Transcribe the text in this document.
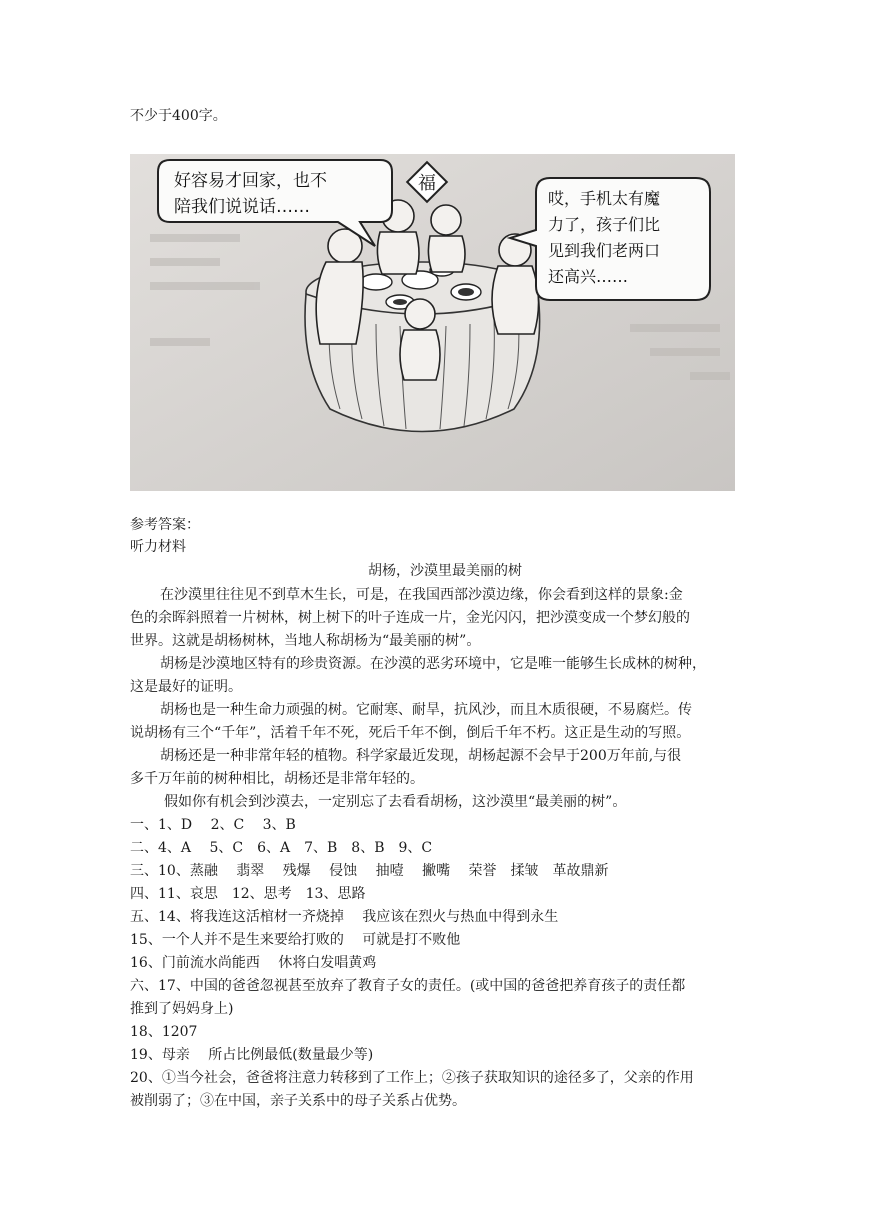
不少于400字。
福
好容易才回家，也不
陪我们说说话……	哎，手机太有魔
力了，孩子们比
见到我们老两口
还高兴……
参考答案：
听力材料
胡杨，沙漠里最美丽的树
在沙漠里往往见不到草木生长，可是，在我国西部沙漠边缘，你会看到这样的景象:金
色的余晖斜照着一片树林，树上树下的叶子连成一片，金光闪闪，把沙漠变成一个梦幻般的
世界。这就是胡杨树林，当地人称胡杨为“最美丽的树”。
胡杨是沙漠地区特有的珍贵资源。在沙漠的恶劣环境中，它是唯一能够生长成林的树种，
这是最好的证明。
胡杨也是一种生命力顽强的树。它耐寒、耐旱，抗风沙，而且木质很硬，不易腐烂。传
说胡杨有三个“千年”，活着千年不死，死后千年不倒，倒后千年不朽。这正是生动的写照。
胡杨还是一种非常年轻的植物。科学家最近发现，胡杨起源不会早于200万年前,与很
多千万年前的树种相比，胡杨还是非常年轻的。
假如你有机会到沙漠去，一定别忘了去看看胡杨，这沙漠里“最美丽的树”。
一、1、D　 2、C　 3、B
二、4、A　 5、C　6、A　7、B　8、B　9、C
三、10、蒸融　 翡翠　 残爆　 侵蚀　 抽噎　 撇嘴　 荣誉　揉皱　革故鼎新
四、11、哀思　12、思考　13、思路
五、14、将我连这活棺材一齐烧掉　 我应该在烈火与热血中得到永生
15、一个人并不是生来要给打败的　 可就是打不败他
16、门前流水尚能西　 休将白发唱黄鸡
六、17、中国的爸爸忽视甚至放弃了教育子女的责任。(或中国的爸爸把养育孩子的责任都
推到了妈妈身上)
18、1207
19、母亲　 所占比例最低(数量最少等)
20、①当今社会，爸爸将注意力转移到了工作上；②孩子获取知识的途径多了，父亲的作用
被削弱了；③在中国，亲子关系中的母子关系占优势。
